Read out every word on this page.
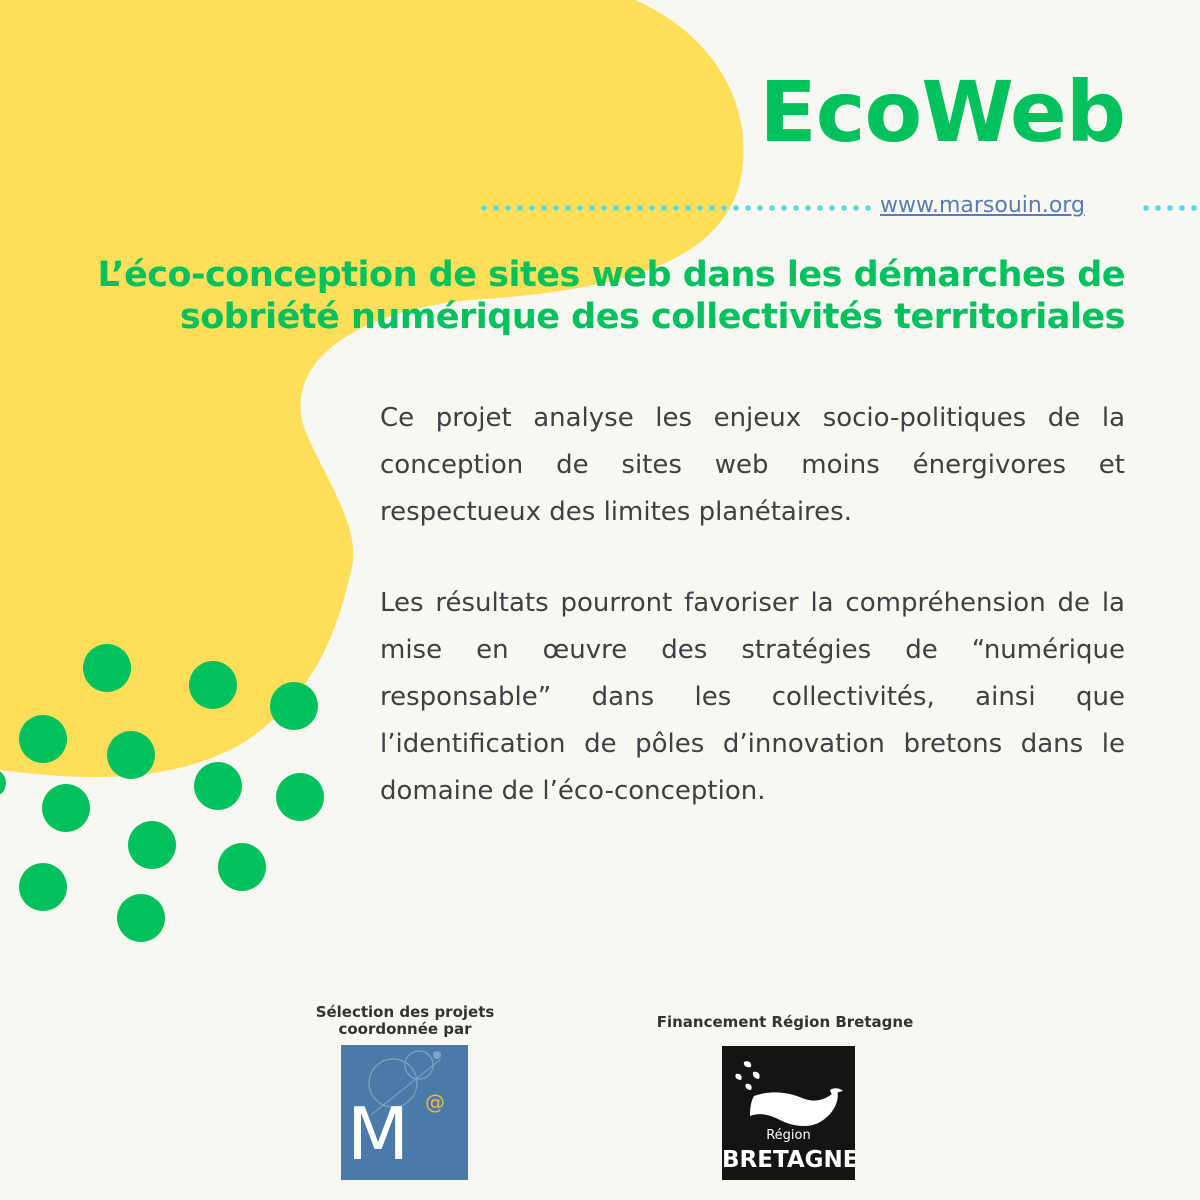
EcoWeb
www.marsouin.org
L’éco-conception de sites web dans les démarches de sobriété numérique des collectivités territoriales

Ce projet analyse les enjeux socio-politiques de la conception de sites web moins énergivores et respectueux des limites planétaires.

Les résultats pourront favoriser la compréhension de la mise en œuvre des stratégies de “numérique responsable” dans les collectivités, ainsi que l’identification de pôles d’innovation bretons dans le domaine de l’éco-conception.

Sélection des projets coordonnée par	Financement Région Bretagne
M @
Région
BRETAGNE
